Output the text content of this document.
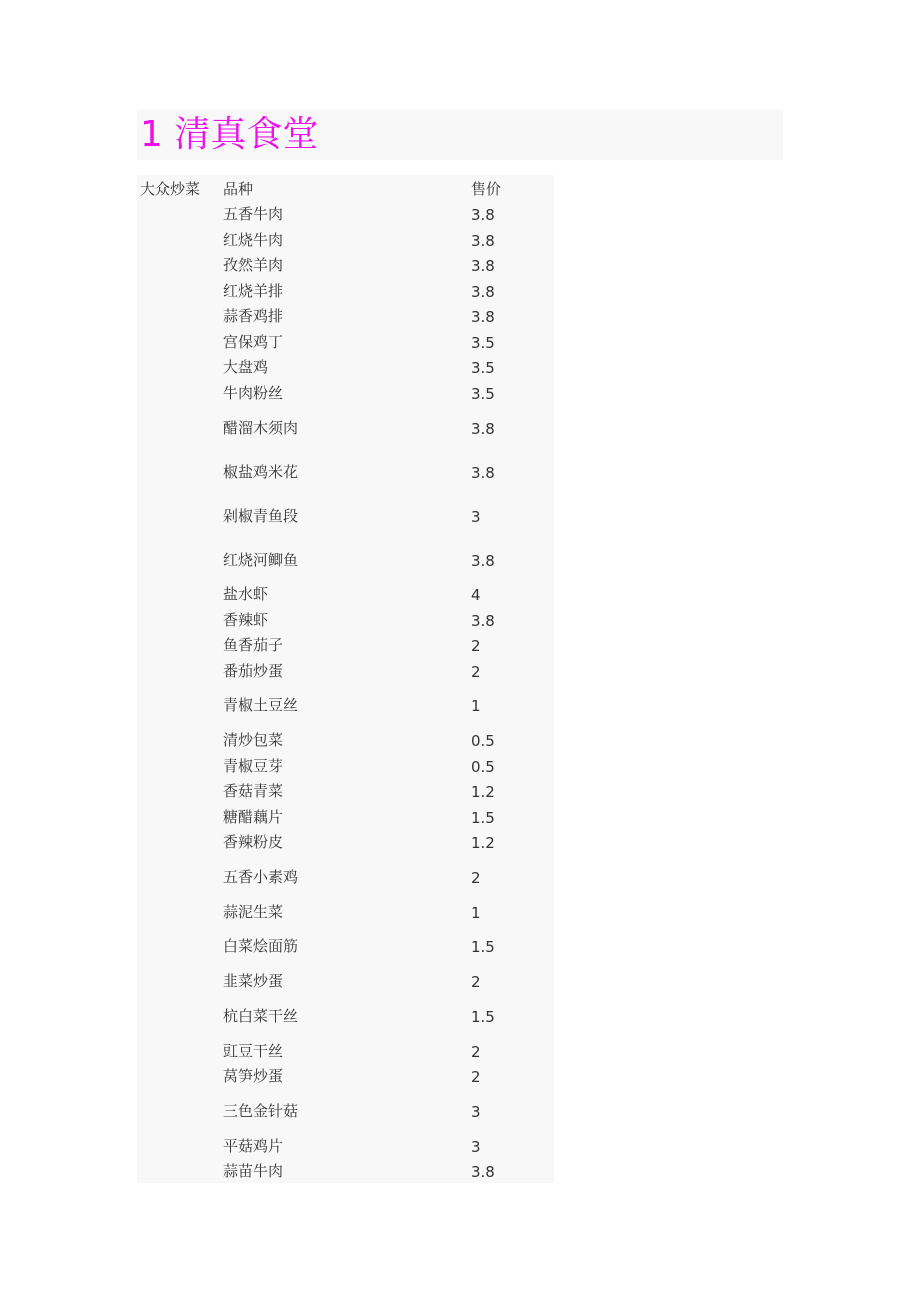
1 清真食堂
大众炒菜 品种	售价
五香牛肉	3.8
红烧牛肉	3.8
孜然羊肉	3.8
红烧羊排	3.8
蒜香鸡排	3.8
宫保鸡丁	3.5
大盘鸡	3.5
牛肉粉丝	3.5
醋溜木须肉	3.8
椒盐鸡米花	3.8
剁椒青鱼段	3
红烧河鲫鱼	3.8
盐水虾	4
香辣虾	3.8
鱼香茄子	2
番茄炒蛋	2
青椒土豆丝	1
清炒包菜	0.5
青椒豆芽	0.5
香菇青菜	1.2
糖醋藕片	1.5
香辣粉皮	1.2
五香小素鸡	2
蒜泥生菜	1
白菜烩面筋	1.5
韭菜炒蛋	2
杭白菜干丝	1.5
豇豆干丝	2
莴笋炒蛋	2
三色金针菇	3
平菇鸡片	3
蒜苗牛肉	3.8
